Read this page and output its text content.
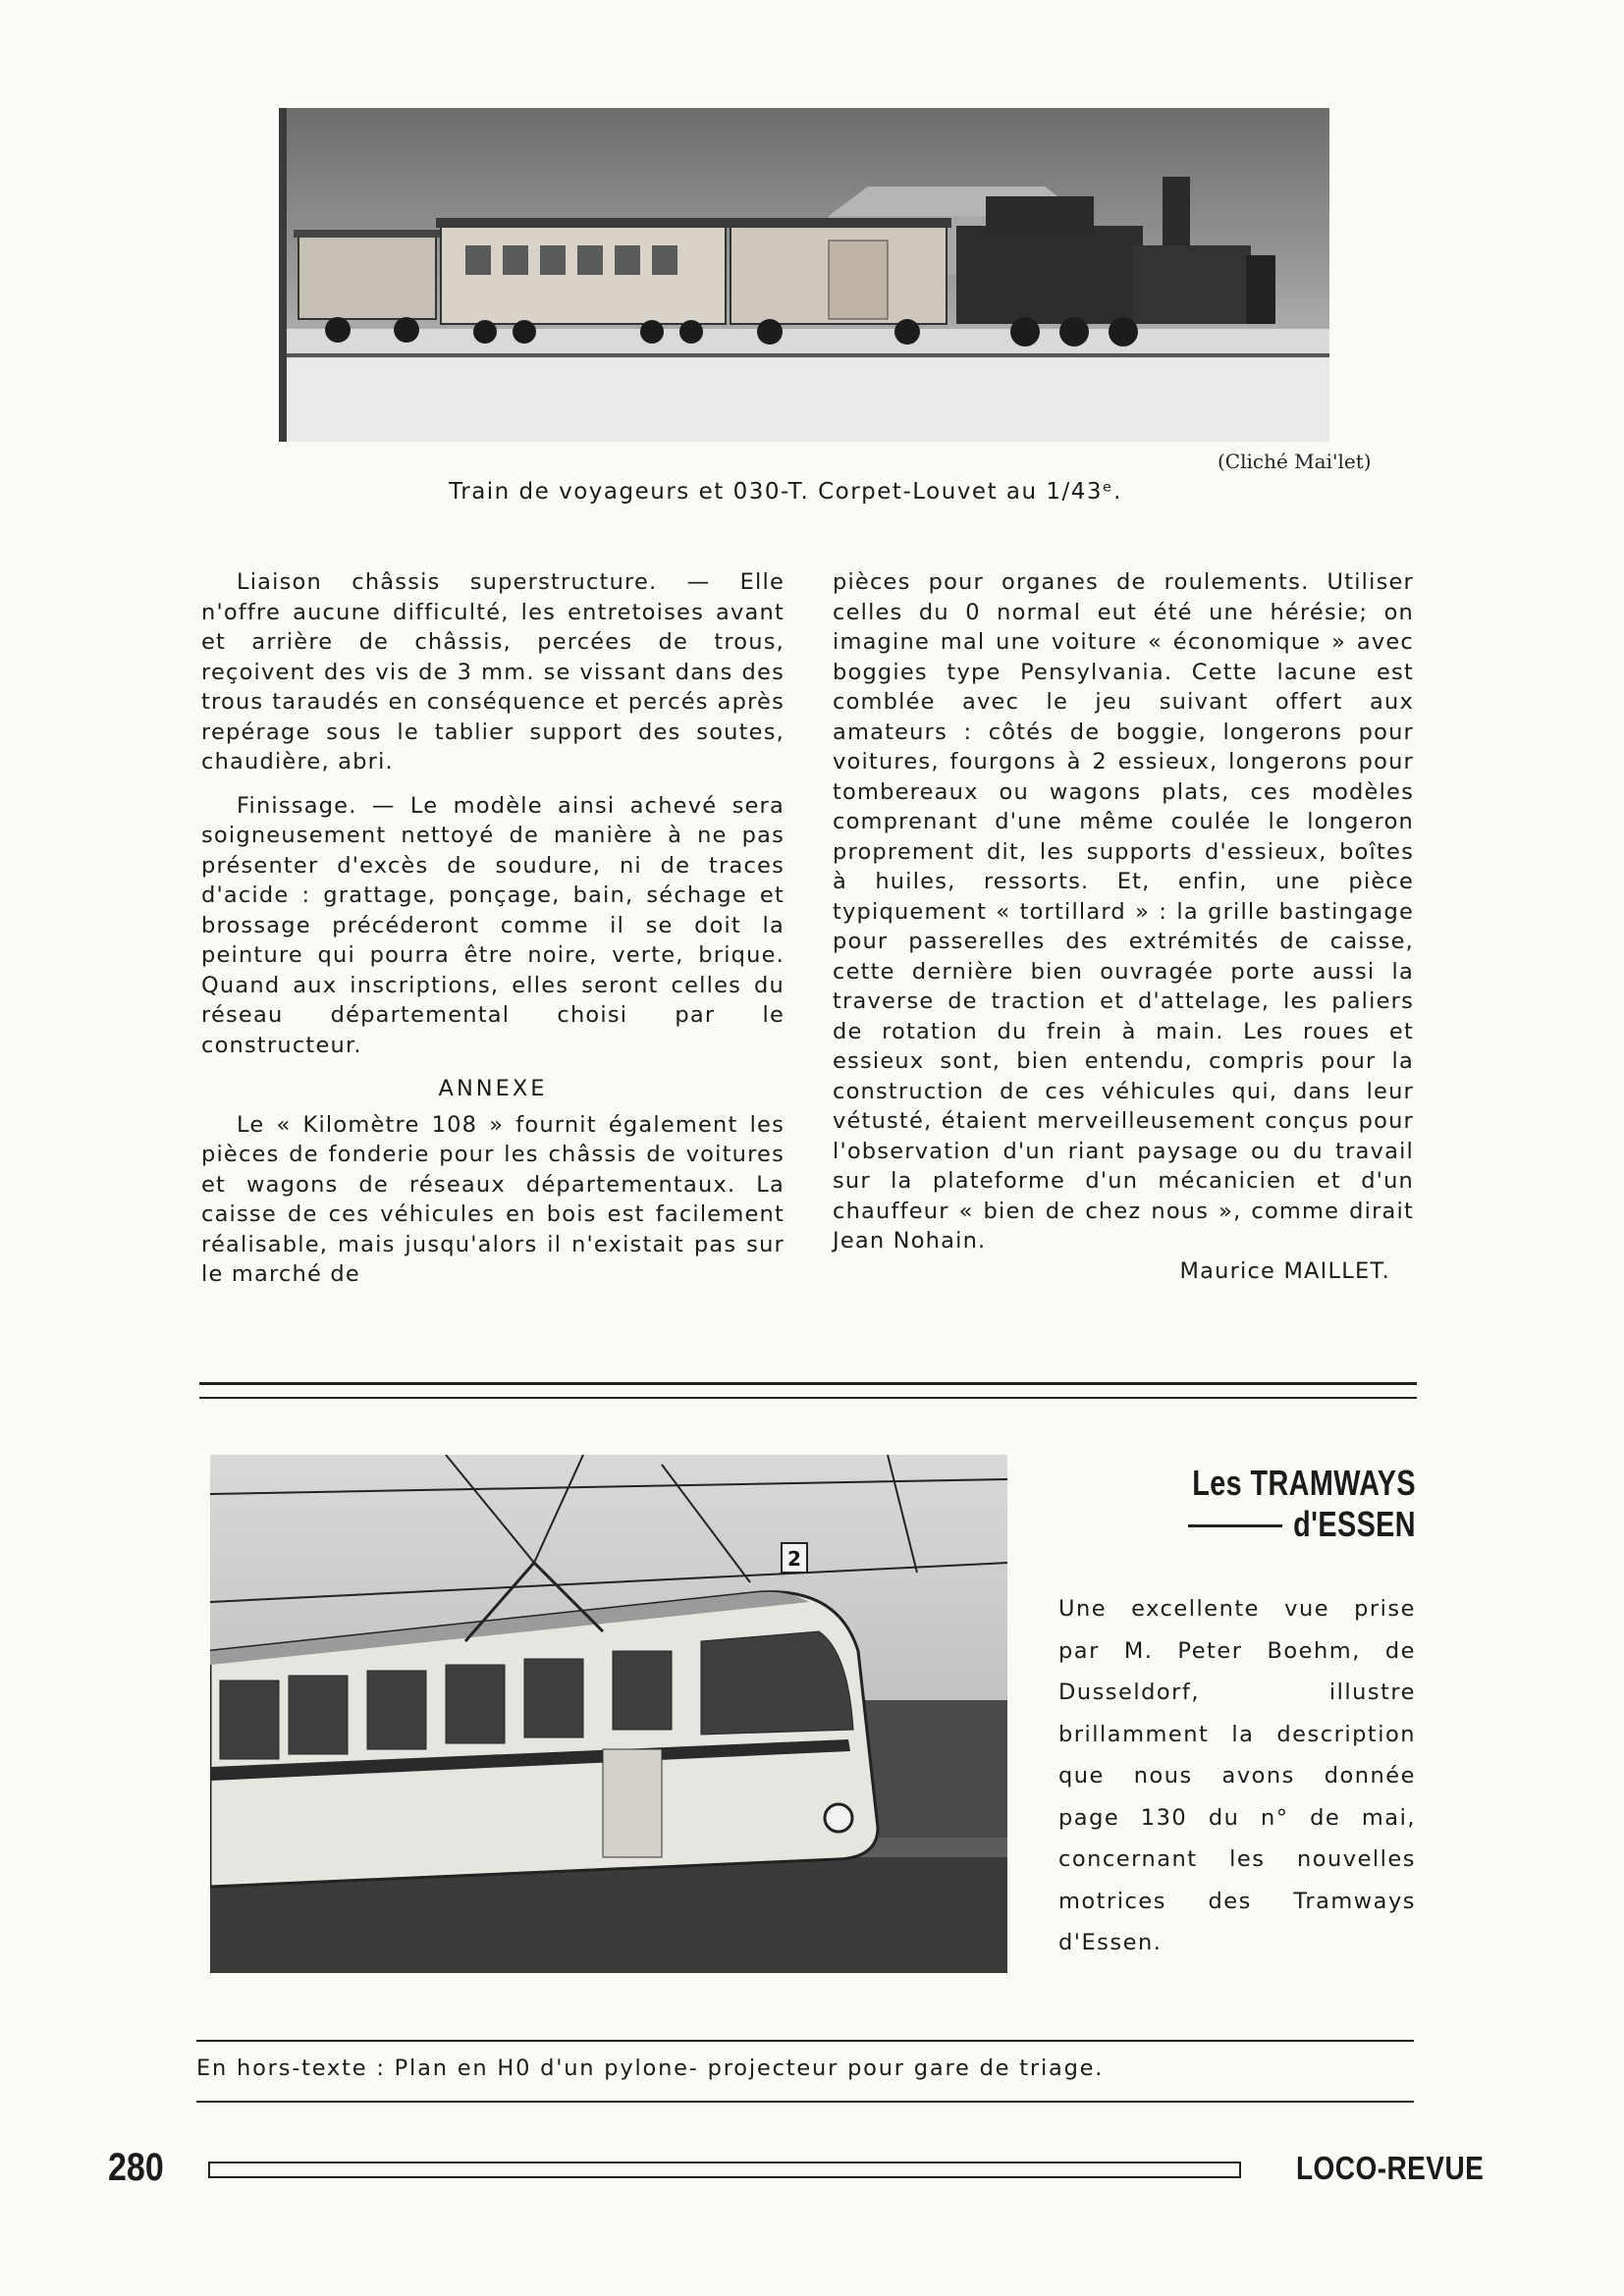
(Cliché Mai'let)
Train de voyageurs et 030-T. Corpet-Louvet au 1/43ᵉ.

Liaison châssis superstructure. — Elle n'offre aucune difficulté, les entretoises avant et arrière de châssis, percées de trous, reçoivent des vis de 3 mm. se vissant dans des trous taraudés en conséquence et percés après repérage sous le tablier support des soutes, chaudière, abri.

Finissage. — Le modèle ainsi achevé sera soigneusement nettoyé de manière à ne pas présenter d'excès de soudure, ni de traces d'acide : grattage, ponçage, bain, séchage et brossage précéderont comme il se doit la peinture qui pourra être noire, verte, brique. Quand aux inscriptions, elles seront celles du réseau départemental choisi par le constructeur.

ANNEXE

Le « Kilomètre 108 » fournit également les pièces de fonderie pour les châssis de voitures et wagons de réseaux départementaux. La caisse de ces véhicules en bois est facilement réalisable, mais jusqu'alors il n'existait pas sur le marché de

pièces pour organes de roulements. Utiliser celles du 0 normal eut été une hérésie; on imagine mal une voiture « économique » avec boggies type Pensylvania. Cette lacune est comblée avec le jeu suivant offert aux amateurs : côtés de boggie, longerons pour voitures, fourgons à 2 essieux, longerons pour tombereaux ou wagons plats, ces modèles comprenant d'une même coulée le longeron proprement dit, les supports d'essieux, boîtes à huiles, ressorts. Et, enfin, une pièce typiquement « tortillard » : la grille bastingage pour passerelles des extrémités de caisse, cette dernière bien ouvragée porte aussi la traverse de traction et d'attelage, les paliers de rotation du frein à main. Les roues et essieux sont, bien entendu, compris pour la construction de ces véhicules qui, dans leur vétusté, étaient merveilleusement conçus pour l'observation d'un riant paysage ou du travail sur la plateforme d'un mécanicien et d'un chauffeur « bien de chez nous », comme dirait Jean Nohain.

Maurice MAILLET.

2
Les TRAMWAYS d'ESSEN
Une excellente vue prise par M. Peter Boehm, de Dusseldorf, illustre brillamment la description que nous avons donnée page 130 du n° de mai, concernant les nouvelles motrices des Tramways d'Essen.
En hors-texte : Plan en H0 d'un pylone- projecteur pour gare de triage.
280	LOCO-REVUE
